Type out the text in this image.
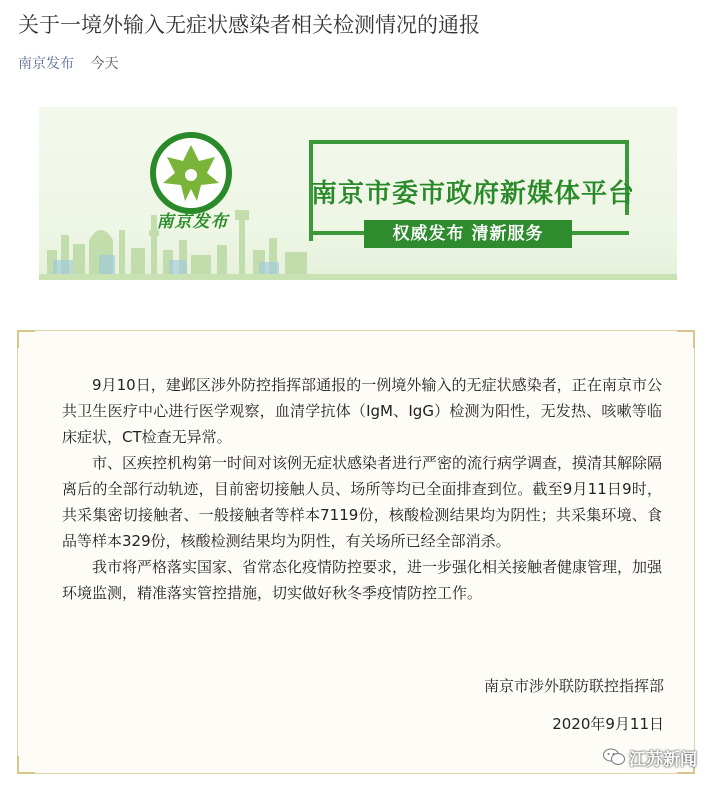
关于一境外输入无症状感染者相关检测情况的通报
南京发布 今天
南京发布
南京市委市政府新媒体平台
权威发布 清新服务

9月10日，建邺区涉外防控指挥部通报的一例境外输入的无症状感染者，正在南京市公共卫生医疗中心进行医学观察，血清学抗体（IgM、IgG）检测为阳性，无发热、咳嗽等临床症状，CT检查无异常。

市、区疾控机构第一时间对该例无症状感染者进行严密的流行病学调查，摸清其解除隔离后的全部行动轨迹，目前密切接触人员、场所等均已全面排查到位。截至9月11日9时，共采集密切接触者、一般接触者等样本7119份，核酸检测结果均为阴性；共采集环境、食品等样本329份，核酸检测结果均为阴性，有关场所已经全部消杀。

我市将严格落实国家、省常态化疫情防控要求，进一步强化相关接触者健康管理，加强环境监测，精准落实管控措施，切实做好秋冬季疫情防控工作。

南京市涉外联防联控指挥部
2020年9月11日
江苏新闻
